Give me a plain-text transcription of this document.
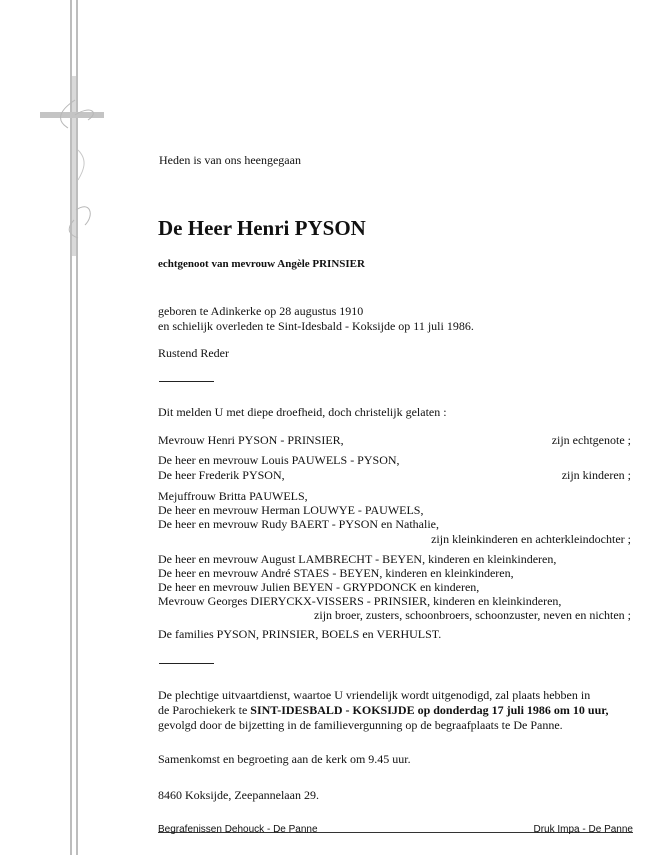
Heden is van ons heengegaan
De Heer Henri PYSON
echtgenoot van mevrouw Angèle PRINSIER
geboren te Adinkerke op 28 augustus 1910
en schielijk overleden te Sint-Idesbald - Koksijde op 11 juli 1986.
Rustend Reder
Dit melden U met diepe droefheid, doch christelijk gelaten :
Mevrouw Henri PYSON - PRINSIER,	zijn echtgenote ;
De heer en mevrouw Louis PAUWELS - PYSON,
De heer Frederik PYSON,	zijn kinderen ;
Mejuffrouw Britta PAUWELS,
De heer en mevrouw Herman LOUWYE - PAUWELS,
De heer en mevrouw Rudy BAERT - PYSON en Nathalie,
zijn kleinkinderen en achterkleindochter ;
De heer en mevrouw August LAMBRECHT - BEYEN, kinderen en kleinkinderen,
De heer en mevrouw André STAES - BEYEN, kinderen en kleinkinderen,
De heer en mevrouw Julien BEYEN - GRYPDONCK en kinderen,
Mevrouw Georges DIERYCKX-VISSERS - PRINSIER, kinderen en kleinkinderen,
zijn broer, zusters, schoonbroers, schoonzuster, neven en nichten ;
De families PYSON, PRINSIER, BOELS en VERHULST.
De plechtige uitvaartdienst, waartoe U vriendelijk wordt uitgenodigd, zal plaats hebben in
de Parochiekerk te SINT-IDESBALD - KOKSIJDE op donderdag 17 juli 1986 om 10 uur,
gevolgd door de bijzetting in de familievergunning op de begraafplaats te De Panne.
Samenkomst en begroeting aan de kerk om 9.45 uur.
8460 Koksijde, Zeepannelaan 29.
Begrafenissen Dehouck - De Panne	Druk Impa - De Panne
